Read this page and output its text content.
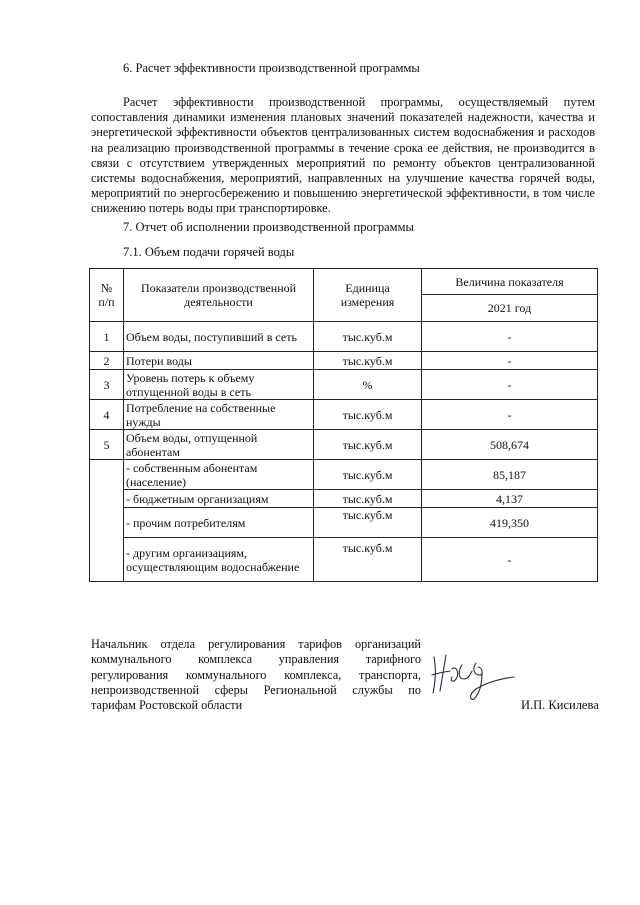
6. Расчет эффективности производственной программы
Расчет эффективности производственной программы, осуществляемый путем сопоставления динамики изменения плановых значений показателей надежности, качества и энергетической эффективности объектов централизованных систем водоснабжения и расходов на реализацию производственной программы в течение срока ее действия, не производится в связи с отсутствием утвержденных мероприятий по ремонту объектов централизованной системы водоснабжения, мероприятий, направленных на улучшение качества горячей воды, мероприятий по энергосбережению и повышению энергетической эффективности, в том числе снижению потерь воды при транспортировке.
7. Отчет об исполнении производственной программы
7.1. Объем подачи горячей воды
№ п/п	Показатели производственной деятельности	Единица измерения	Величина показателя
			2021 год
1	Объем воды, поступивший в сеть	тыс.куб.м	-
2	Потери воды	тыс.куб.м	-
3	Уровень потерь к объему отпущенной воды в сеть	%	-
4	Потребление на собственные нужды	тыс.куб.м	-
5	Объем воды, отпущенной абонентам	тыс.куб.м	508,674
	- собственным абонентам (население)	тыс.куб.м	85,187
	- бюджетным организациям	тыс.куб.м	4,137
	- прочим потребителям	тыс.куб.м	419,350
	- другим организациям, осуществляющим водоснабжение	тыс.куб.м	-
Начальник отдела регулирования тарифов организаций
коммунального комплекса управления тарифного
регулирования коммунального комплекса, транспорта,
непроизводственной сферы Региональной службы по
тарифам Ростовской области	И.П. Кисилева
